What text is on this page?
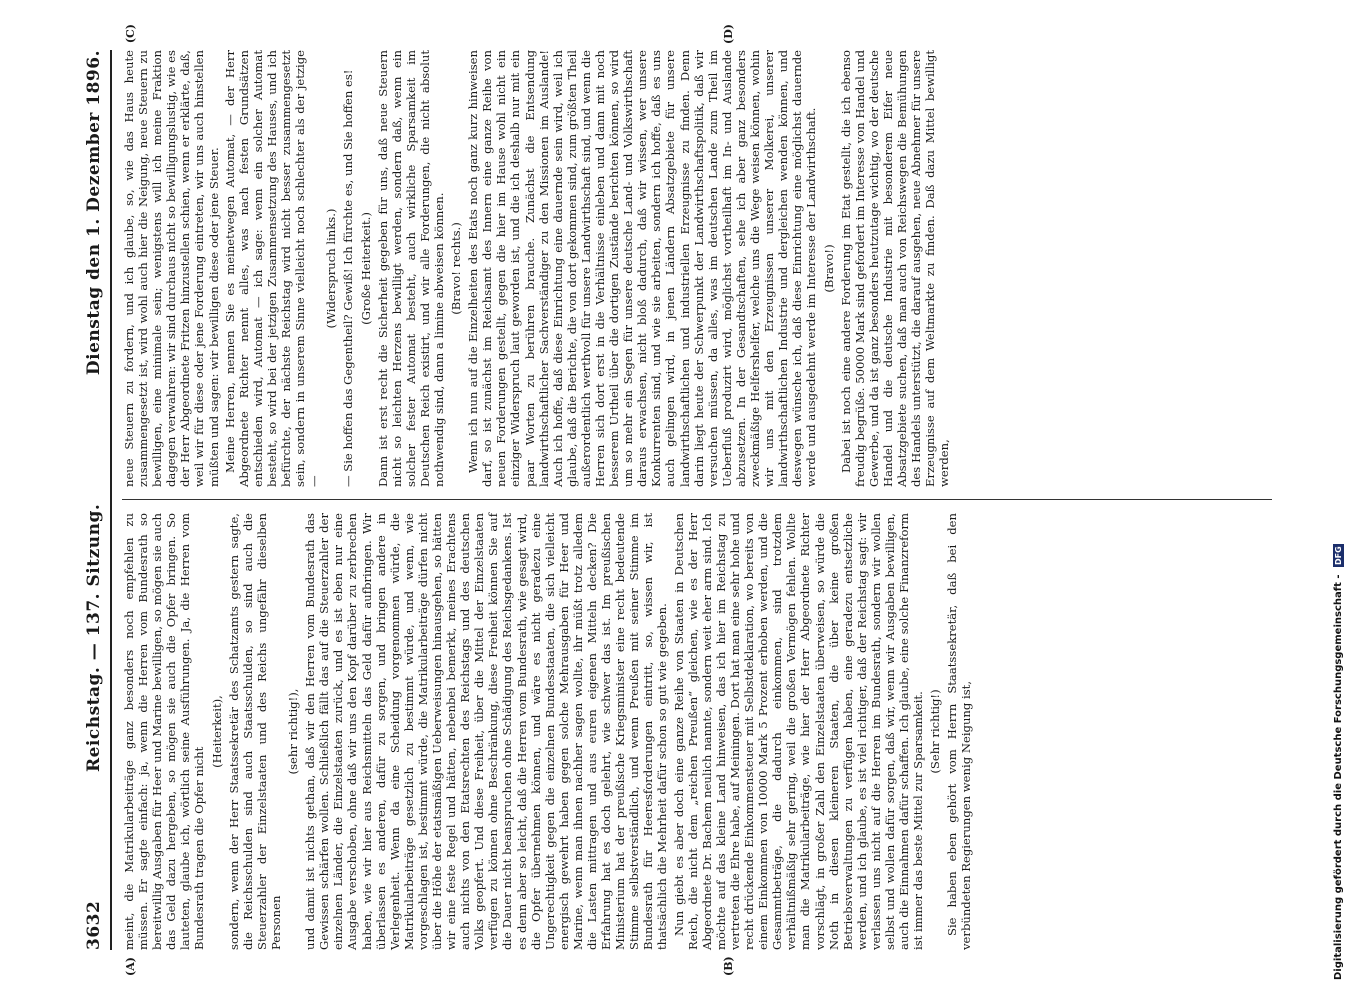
3632
Reichstag. — 137. Sitzung.
Dienstag den 1. Dezember 1896.
(A)	(B)

meint, die Matrikularbeiträge ganz besonders noch empfehlen zu müssen. Er sagte einfach: ja, wenn die Herren vom Bundesrath so bereitwillig Ausgaben für Heer und Marine bewilligen, so mögen sie auch das Geld dazu hergeben, so mögen sie auch die Opfer bringen. So lauteten, glaube ich, wörtlich seine Ausführungen. Ja, die Herren vom Bundesrath tragen die Opfer nicht

(Heiterkeit), sondern, wenn der Herr Staatssekretär des Schatzamts gestern sagte, die Reichsschulden sind auch Staatsschulden, so sind auch die Steuerzahler der Einzelstaaten und des Reichs ungefähr dieselben Personen

(sehr richtig!), und damit ist nichts gethan, daß wir den Herren vom Bundesrath das Gewissen schärfen wollen. Schließlich fällt das auf die Steuerzahler der einzelnen Länder, die Einzelstaaten zurück, und es ist eben nur eine Ausgabe verschoben, ohne daß wir uns den Kopf darüber zu zerbrechen haben, wie wir hier aus Reichsmitteln das Geld dafür aufbringen. Wir überlassen es anderen, dafür zu sorgen, und bringen andere in Verlegenheit. Wenn da eine Scheidung vorgenommen würde, die Matrikularbeiträge gesetzlich zu bestimmt würde, und wenn, wie vorgeschlagen ist, bestimmt würde, die Matrikularbeiträge dürfen nicht über die Höhe der etatsmäßigen Ueberweisungen hinausgehen, so hätten wir eine feste Regel und hätten, nebenbei bemerkt, meines Erachtens auch nichts von den Etatsrechten des Reichstags und des deutschen Volks geopfert. Und diese Freiheit, über die Mittel der Einzelstaaten verfügen zu können ohne Beschränkung, diese Freiheit können Sie auf die Dauer nicht beanspruchen ohne Schädigung des Reichsgedankens. Ist es denn aber so leicht, daß die Herren vom Bundesrath, wie gesagt wird, die Opfer übernehmen können, und wäre es nicht geradezu eine Ungerechtigkeit gegen die einzelnen Bundesstaaten, die sich vielleicht energisch gewehrt haben gegen solche Mehrausgaben für Heer und Marine, wenn man ihnen nachher sagen wollte, ihr müßt trotz alledem die Lasten mittragen und aus euren eigenen Mitteln decken? Die Erfahrung hat es doch gelehrt, wie schwer das ist. Im preußischen Ministerium hat der preußische Kriegsminister eine recht bedeutende Stimme selbstverständlich, und wenn Preußen mit seiner Stimme im Bundesrath für Heeresforderungen eintritt, so, wissen wir, ist thatsächlich die Mehrheit dafür schon so gut wie gegeben. Nun giebt es aber doch eine ganze Reihe von Staaten in Deutschen Reich, die nicht dem „reichen Preußen“ gleichen, wie es der Herr Abgeordnete Dr. Bachem neulich nannte, sondern weit eher arm sind. Ich möchte auf das kleine Land hinweisen, das ich hier im Reichstag zu vertreten die Ehre habe, auf Meiningen. Dort hat man eine sehr hohe und recht drückende Einkommensteuer mit Selbstdeklaration, wo bereits von einem Einkommen von 10000 Mark 5 Prozent erhoben werden, und die Gesammtbeträge, die dadurch einkommen, sind trotzdem verhältnißmäßig sehr gering, weil die großen Vermögen fehlen. Wollte man die Matrikularbeiträge, wie hier der Herr Abgeordnete Richter vorschlägt, in großer Zahl den Einzelstaaten überweisen, so würde die Noth in diesen kleineren Staaten, die über keine großen Betriebsverwaltungen zu verfügen haben, eine geradezu entsetzliche werden, und ich glaube, es ist viel richtiger, daß der Reichstag sagt: wir verlassen uns nicht auf die Herren im Bundesrath, sondern wir wollen selbst und wollen dafür sorgen, daß wir, wenn wir Ausgaben bewilligen, auch die Einnahmen dafür schaffen. Ich glaube, eine solche Finanzreform ist immer das beste Mittel zur Sparsamkeit. (Sehr richtig!) Sie haben eben gehört vom Herrn Staatssekretär, daß bei den verbündeten Regierungen wenig Neigung ist,

(C)	(D)

neue Steuern zu fordern, und ich glaube, so, wie das Haus heute zusammengesetzt ist, wird wohl auch hier die Neigung, neue Steuern zu bewilligen, eine minimale sein; wenigstens will ich meine Fraktion dagegen verwahren: wir sind durchaus nicht so bewilligungslustig, wie es der Herr Abgeordnete Fritzen hinzustellen schien, wenn er erklärte, daß, weil wir für diese oder jene Forderung eintreten, wir uns auch hinstellen müßten und sagen: wir bewilligen diese oder jene Steuer. Meine Herren, nennen Sie es meinetwegen Automat, — der Herr Abgeordnete Richter nennt alles, was nach festen Grundsätzen entschieden wird, Automat — ich sage: wenn ein solcher Automat besteht, so wird bei der jetzigen Zusammensetzung des Hauses, und ich befürchte, der nächste Reichstag wird nicht besser zusammengesetzt sein, sondern in unserem Sinne vielleicht noch schlechter als der jetzige —

(Widerspruch links.) — Sie hoffen das Gegentheil? Gewiß! Ich fürchte es, und Sie hoffen es! (Große Heiterkeit.) Dann ist erst recht die Sicherheit gegeben für uns, daß neue Steuern nicht so leichten Herzens bewilligt werden, sondern daß, wenn ein solcher fester Automat besteht, auch wirkliche Sparsamkeit im Deutschen Reich existirt, und wir alle Forderungen, die nicht absolut nothwendig sind, dann a limine abweisen können. (Bravo! rechts.) Wenn ich nun auf die Einzelheiten des Etats noch ganz kurz hinweisen darf, so ist zunächst im Reichsamt des Innern eine ganze Reihe von neuen Forderungen gestellt, gegen die hier im Hause wohl nicht ein einziger Widerspruch laut geworden ist, und die ich deshalb nur mit ein paar Worten zu berühren brauche. Zunächst die Entsendung landwirthschaftlicher Sachverständiger zu den Missionen im Auslande! Auch ich hoffe, daß diese Einrichtung eine dauernde sein wird, weil ich glaube, daß die Berichte, die von dort gekommen sind, zum größten Theil außerordentlich werthvoll für unsere Landwirthschaft sind, und wenn die Herren sich dort erst in die Verhältnisse einleben und dann mit noch besserem Urtheil über die dortigen Zustände berichten können, so wird um so mehr ein Segen für unsere deutsche Land- und Volkswirthschaft daraus erwachsen, nicht bloß dadurch, daß wir wissen, wer unsere Konkurrenten sind, und wie sie arbeiten, sondern ich hoffe, daß es uns auch gelingen wird, in jenen Ländern Absatzgebiete für unsere landwirthschaftlichen und industriellen Erzeugnisse zu finden. Denn darin liegt heute der Schwerpunkt der Landwirthschaftspolitik, daß wir versuchen müssen, da alles, was im deutschen Lande zum Theil im Ueberfluß produzirt wird, möglichst vortheilhaft im In- und Auslande abzusetzen. In der Gesandtschaften, sehe ich aber ganz besonders zweckmäßige Helfershelfer, welche uns die Wege weisen können, wohin wir uns mit den Erzeugnissen unserer Molkerei, unserer landwirthschaftlichen Industrie und dergleichen wenden können, und deswegen wünsche ich, daß diese Einrichtung eine möglichst dauernde werde und ausgedehnt werde im Interesse der Landwirthschaft. (Bravo!) Dabei ist noch eine andere Forderung im Etat gestellt, die ich ebenso freudig begrüße. 50000 Mark sind gefordert im Interesse von Handel und Gewerbe, und da ist ganz besonders heutzutage wichtig, wo der deutsche Handel und die deutsche Industrie mit besonderem Eifer neue Absatzgebiete suchen, daß man auch von Reichswegen die Bemühungen des Handels unterstützt, die darauf ausgehen, neue Abnehmer für unsere Erzeugnisse auf dem Weltmarkte zu finden. Daß dazu Mittel bewilligt werden,

Digitalisierung gefördert durch die Deutsche Forschungsgemeinschaft - DFG
